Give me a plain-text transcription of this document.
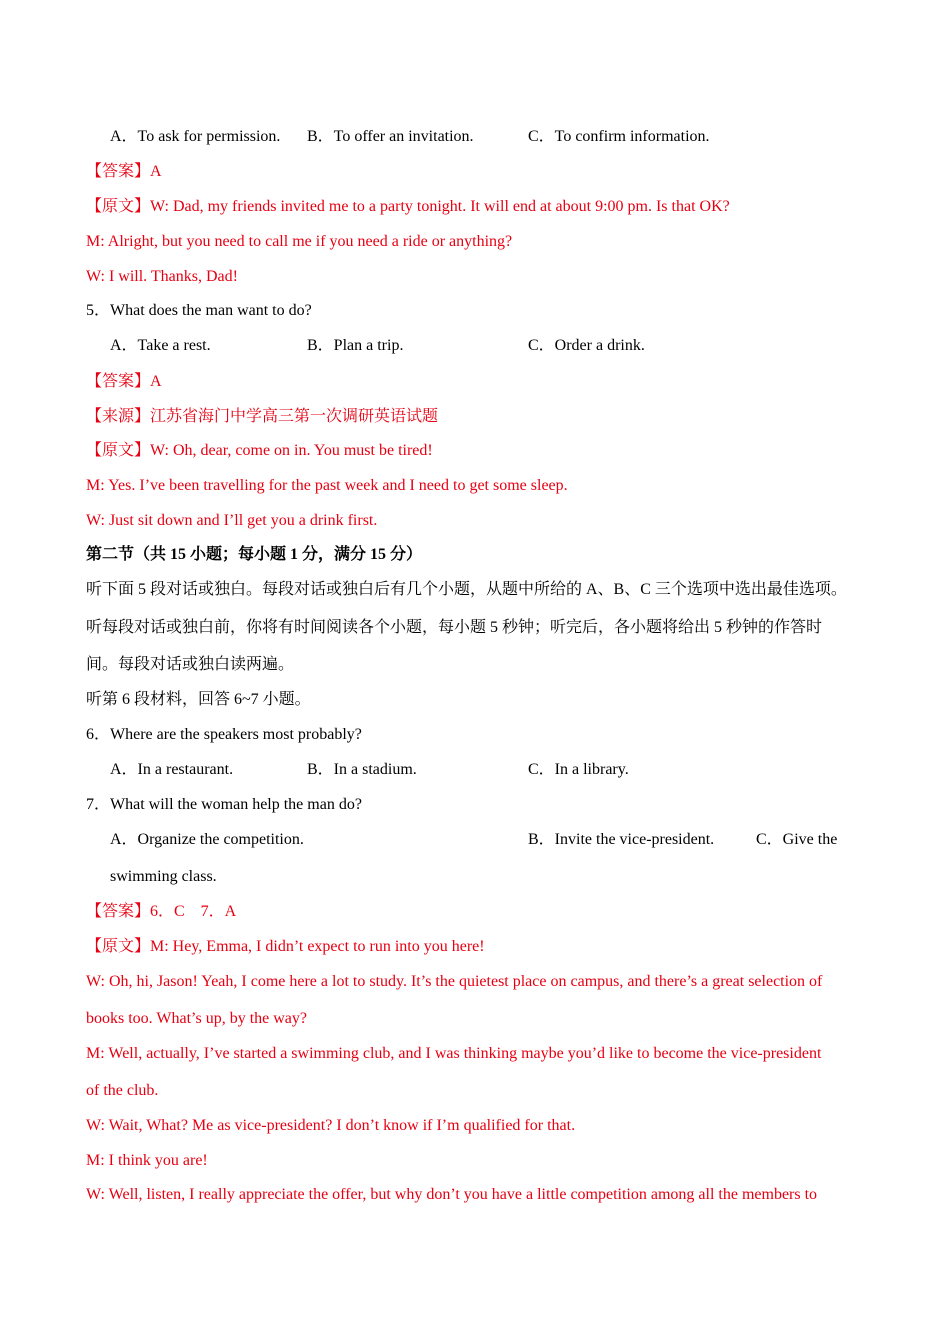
A．To ask for permission. B．To offer an invitation.	C．To confirm information.
【答案】A
【原文】W: Dad, my friends invited me to a party tonight. It will end at about 9:00 pm. Is that OK?
M: Alright, but you need to call me if you need a ride or anything?
W: I will. Thanks, Dad!
5．What does the man want to do?
A．Take a rest.	B．Plan a trip.	C．Order a drink.
【答案】A
【来源】江苏省海门中学高三第一次调研英语试题
【原文】W: Oh, dear, come on in. You must be tired!
M: Yes. I’ve been travelling for the past week and I need to get some sleep.
W: Just sit down and I’ll get you a drink first.
第二节（共 15 小题；每小题 1 分，满分 15 分）
听下面 5 段对话或独白。每段对话或独白后有几个小题，从题中所给的 A、B、C 三个选项中选出最佳选项。
听每段对话或独白前，你将有时间阅读各个小题，每小题 5 秒钟；听完后，各小题将给出 5 秒钟的作答时
间。每段对话或独白读两遍。
听第 6 段材料，回答 6~7 小题。
6．Where are the speakers most probably?
A．In a restaurant.	B．In a stadium.	C．In a library.
7．What will the woman help the man do?
A．Organize the competition.	B．Invite the vice-president.	C．Give the
swimming class.
【答案】6．C　7．A
【原文】M: Hey, Emma, I didn’t expect to run into you here!
W: Oh, hi, Jason! Yeah, I come here a lot to study. It’s the quietest place on campus, and there’s a great selection of
books too. What’s up, by the way?
M: Well, actually, I’ve started a swimming club, and I was thinking maybe you’d like to become the vice-president
of the club.
W: Wait, What? Me as vice-president? I don’t know if I’m qualified for that.
M: I think you are!
W: Well, listen, I really appreciate the offer, but why don’t you have a little competition among all the members to
